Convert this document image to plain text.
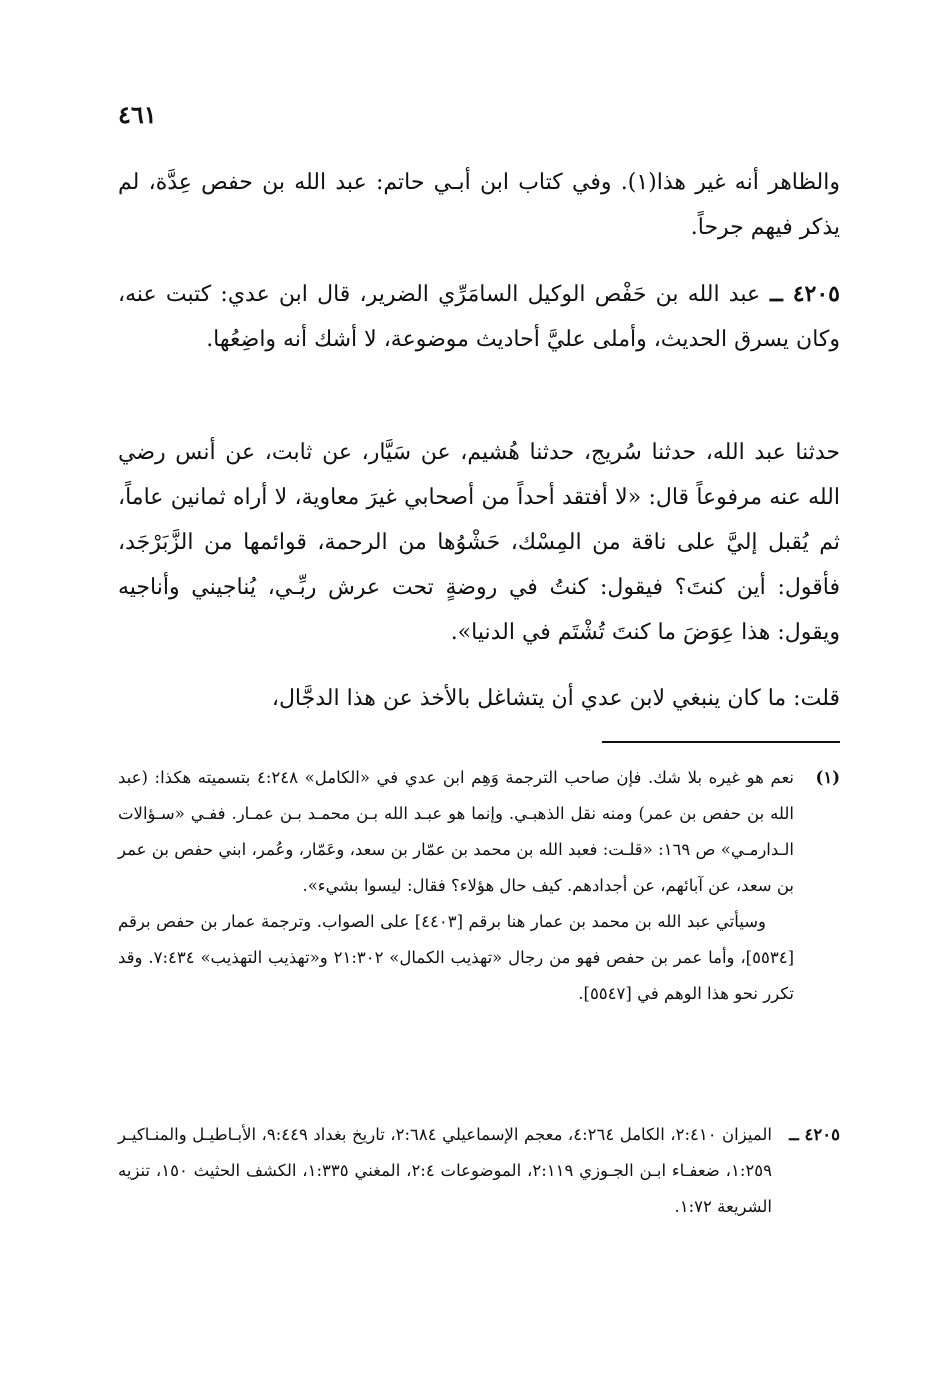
٤٦١

والظاهر أنه غير هذا(١). وفي كتاب ابن أبـي حاتم: عبد الله بن حفص عِدَّة، لم يذكر فيهم جرحاً.

٤٢٠٥ ــ عبد الله بن حَفْص الوكيل السامَرِّي الضرير، قال ابن عدي: كتبت عنه، وكان يسرق الحديث، وأملى عليَّ أحاديث موضوعة، لا أشك أنه واضِعُها.

حدثنا عبد الله، حدثنا سُريج، حدثنا هُشيم، عن سَيَّار، عن ثابت، عن أنس رضي الله عنه مرفوعاً قال: «لا أفتقد أحداً من أصحابي غيرَ معاوية، لا أراه ثمانين عاماً، ثم يُقبل إليَّ على ناقة من المِسْك، حَشْوُها من الرحمة، قوائمها من الزَّبَرْجَد، فأقول: أين كنتَ؟ فيقول: كنتُ في روضةٍ تحت عرش ربِّـي، يُناجيني وأناجيه ويقول: هذا عِوَضَ ما كنتَ تُشْتَم في الدنيا».

قلت: ما كان ينبغي لابن عدي أن يتشاغل بالأخذ عن هذا الدجَّال،

(١)

نعم هو غيره بلا شك. فإن صاحب الترجمة وَهِم ابن عدي في «الكامل» ٤:٢٤٨ بتسميته هكذا: (عبد الله بن حفص بن عمر) ومنه نقل الذهبـي. وإنما هو عبـد الله بـن محمـد بـن عمـار. ففـي «سـؤالات الـدارمـي» ص ١٦٩: «قلـت: فعبد الله بن محمد بن عمّار بن سعد، وعَمّار، وعُمر، ابني حفص بن عمر بن سعد، عن آبائهم، عن أجدادهم. كيف حال هؤلاء؟ فقال: ليسوا بشيء».

وسيأتي عبد الله بن محمد بن عمار هنا برقم [٤٤٠٣] على الصواب. وترجمة عمار بن حفص برقم [٥٥٣٤]، وأما عمر بن حفص فهو من رجال «تهذيب الكمال» ٢١:٣٠٢ و«تهذيب التهذيب» ٧:٤٣٤. وقد تكرر نحو هذا الوهم في [٥٥٤٧].

٤٢٠٥ ــ

الميزان ٢:٤١٠، الكامل ٤:٢٦٤، معجم الإسماعيلي ٢:٦٨٤، تاريخ بغداد ٩:٤٤٩، الأبـاطيـل والمنـاكيـر ١:٢٥٩، ضعفـاء ابـن الجـوزي ٢:١١٩، الموضوعات ٢:٤، المغني ١:٣٣٥، الكشف الحثيث ١٥٠، تنزيه الشريعة ١:٧٢.
